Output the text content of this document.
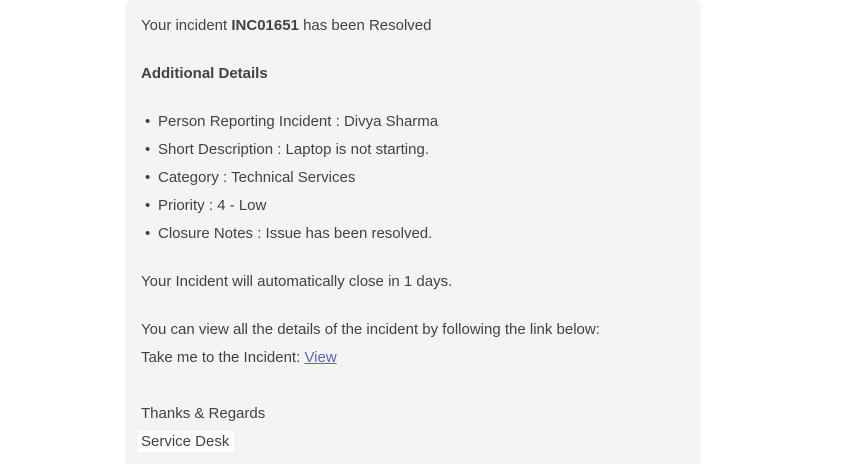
Your incident INC01651 has been Resolved

Additional Details

• Person Reporting Incident : Divya Sharma
• Short Description : Laptop is not starting.
• Category : Technical Services
• Priority : 4 - Low
• Closure Notes : Issue has been resolved.

Your Incident will automatically close in 1 days.

You can view all the details of the incident by following the link below:
Take me to the Incident: View

Thanks & Regards
Service Desk
